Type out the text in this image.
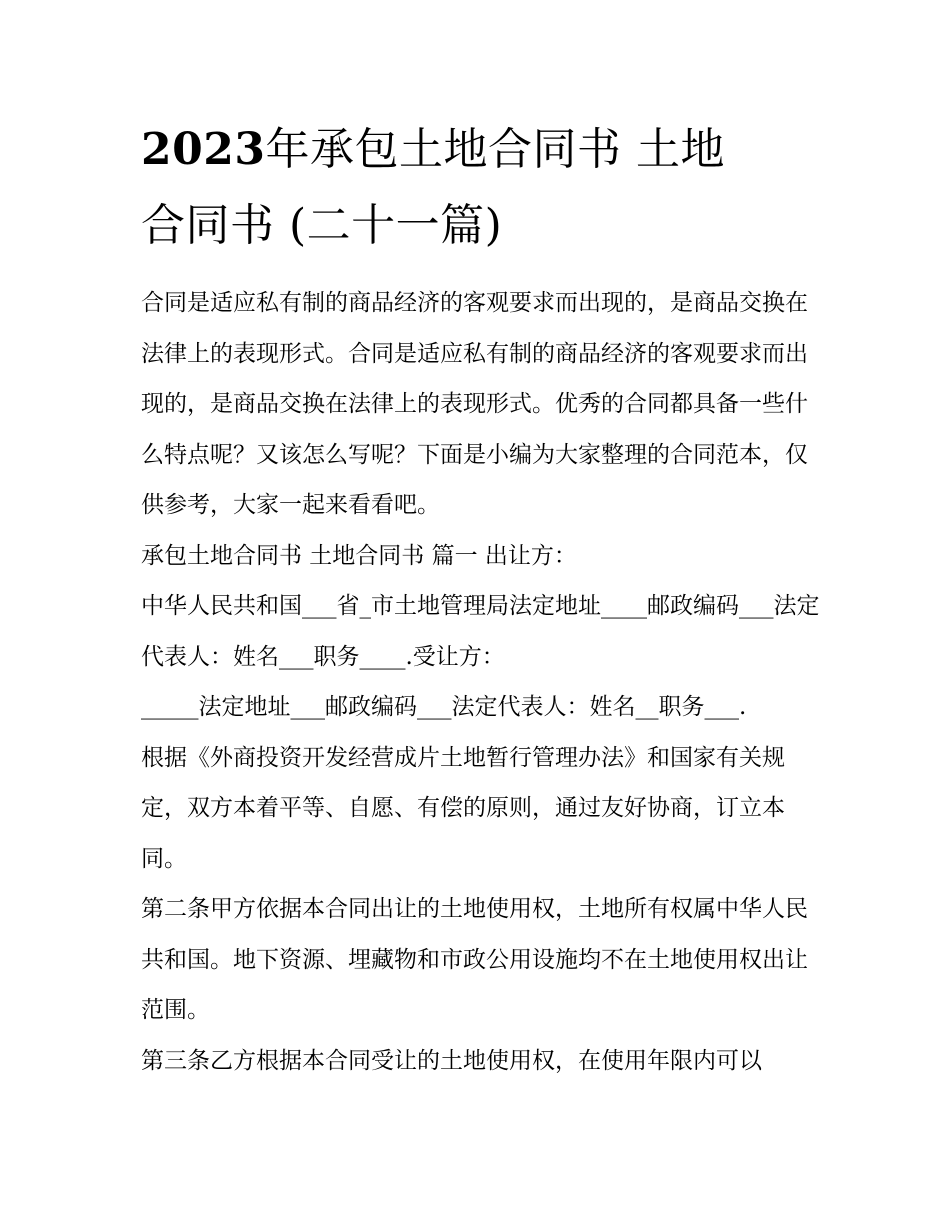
2023年承包土地合同书 土地
合同书 (二十一篇)

合同是适应私有制的商品经济的客观要求而出现的，是商品交换在法律上的表现形式。合同是适应私有制的商品经济的客观要求而出现的，是商品交换在法律上的表现形式。优秀的合同都具备一些什么特点呢？又该怎么写呢？下面是小编为大家整理的合同范本，仅供参考，大家一起来看看吧。

承包土地合同书 土地合同书 篇一 出让方：

中华人民共和国___省_市土地管理局法定地址____邮政编码___法定代表人：姓名___职务____.受让方：

_____法定地址___邮政编码___法定代表人：姓名__职务___.

根据《外商投资开发经营成片土地暂行管理办法》和国家有关规定，双方本着平等、自愿、有偿的原则，通过友好协商，订立本同。

第二条甲方依据本合同出让的土地使用权，土地所有权属中华人民共和国。地下资源、埋藏物和市政公用设施均不在土地使用权出让范围。

第三条乙方根据本合同受让的土地使用权，在使用年限内可以
